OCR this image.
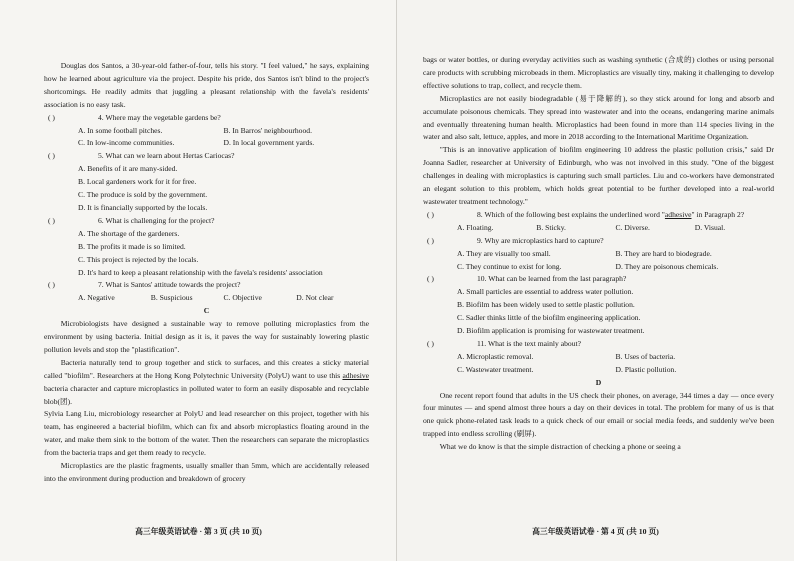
Douglas dos Santos, a 30-year-old father-of-four, tells his story. "I feel valued," he says, explaining how he learned about agriculture via the project. Despite his pride, dos Santos isn't blind to the project's shortcomings. He readily admits that juggling a pleasant relationship with the favela's residents' association is no easy task.

( )	4. Where may the vegetable gardens be?
A. In some football pitches.	B. In Barros' neighbourhood.
C. In low-income communities.	D. In local government yards.
( )	5. What can we learn about Hertas Cariocas?
A. Benefits of it are many-sided.
B. Local gardeners work for it for free.
C. The produce is sold by the government.
D. It is financially supported by the locals.
( )	6. What is challenging for the project?
A. The shortage of the gardeners.
B. The profits it made is so limited.
C. This project is rejected by the locals.
D. It's hard to keep a pleasant relationship with the favela's residents' association
( )	7. What is Santos' attitude towards the project?
A. Negative	B. Suspicious	C. Objective	D. Not clear
C

Microbiologists have designed a sustainable way to remove polluting microplastics from the environment by using bacteria. Initial design as it is, it paves the way for sustainably lowering plastic pollution levels and stop the "plastification".

Bacteria naturally tend to group together and stick to surfaces, and this creates a sticky material called "biofilm". Researchers at the Hong Kong Polytechnic University (PolyU) want to use this adhesive bacteria character and capture microplastics in polluted water to form an easily disposable and recyclable blob(团).

Sylvia Lang Liu, microbiology researcher at PolyU and lead researcher on this project, together with his team, has engineered a bacterial biofilm, which can fix and absorb microplastics floating around in the water, and make them sink to the bottom of the water. Then the researchers can separate the microplastics from the bacteria traps and get them ready to recycle.

Microplastics are the plastic fragments, usually smaller than 5mm, which are accidentally released into the environment during production and breakdown of grocery

高三年级英语试卷 · 第 3 页 (共 10 页)

bags or water bottles, or during everyday activities such as washing synthetic (合成的) clothes or using personal care products with scrubbing microbeads in them. Microplastics are visually tiny, making it challenging to develop effective solutions to trap, collect, and recycle them.

Microplastics are not easily biodegradable (易于降解的), so they stick around for long and absorb and accumulate poisonous chemicals. They spread into wastewater and into the oceans, endangering marine animals and eventually threatening human health. Microplastics had been found in more than 114 species living in the water and also salt, lettuce, apples, and more in 2018 according to the International Maritime Organization.

"This is an innovative application of biofilm engineering 10 address the plastic pollution crisis," said Dr Joanna Sadler, researcher at University of Edinburgh, who was not involved in this study. "One of the biggest challenges in dealing with microplastics is capturing such small particles. Liu and co-workers have demonstrated an elegant solution to this problem, which holds great potential to be further developed into a real-world wastewater treatment technology."

( )	8. Which of the following best explains the underlined word "adhesive" in Paragraph 2?
A. Floating.	B. Sticky.	C. Diverse.	D. Visual.
( )	9. Why are microplastics hard to capture?
A. They are visually too small.	B. They are hard to biodegrade.
C. They continue to exist for long.	D. They are poisonous chemicals.
( )	10. What can be learned from the last paragraph?
A. Small particles are essential to address water pollution.
B. Biofilm has been widely used to settle plastic pollution.
C. Sadler thinks little of the biofilm engineering application.
D. Biofilm application is promising for wastewater treatment.
( )	11. What is the text mainly about?
A. Microplastic removal.	B. Uses of bacteria.
C. Wastewater treatment.	D. Plastic pollution.
D

One recent report found that adults in the US check their phones, on average, 344 times a day — once every four minutes — and spend almost three hours a day on their devices in total. The problem for many of us is that one quick phone-related task leads to a quick check of our email or social media feeds, and suddenly we've been trapped into endless scrolling (刷屏).

What we do know is that the simple distraction of checking a phone or seeing a

高三年级英语试卷 · 第 4 页 (共 10 页)
